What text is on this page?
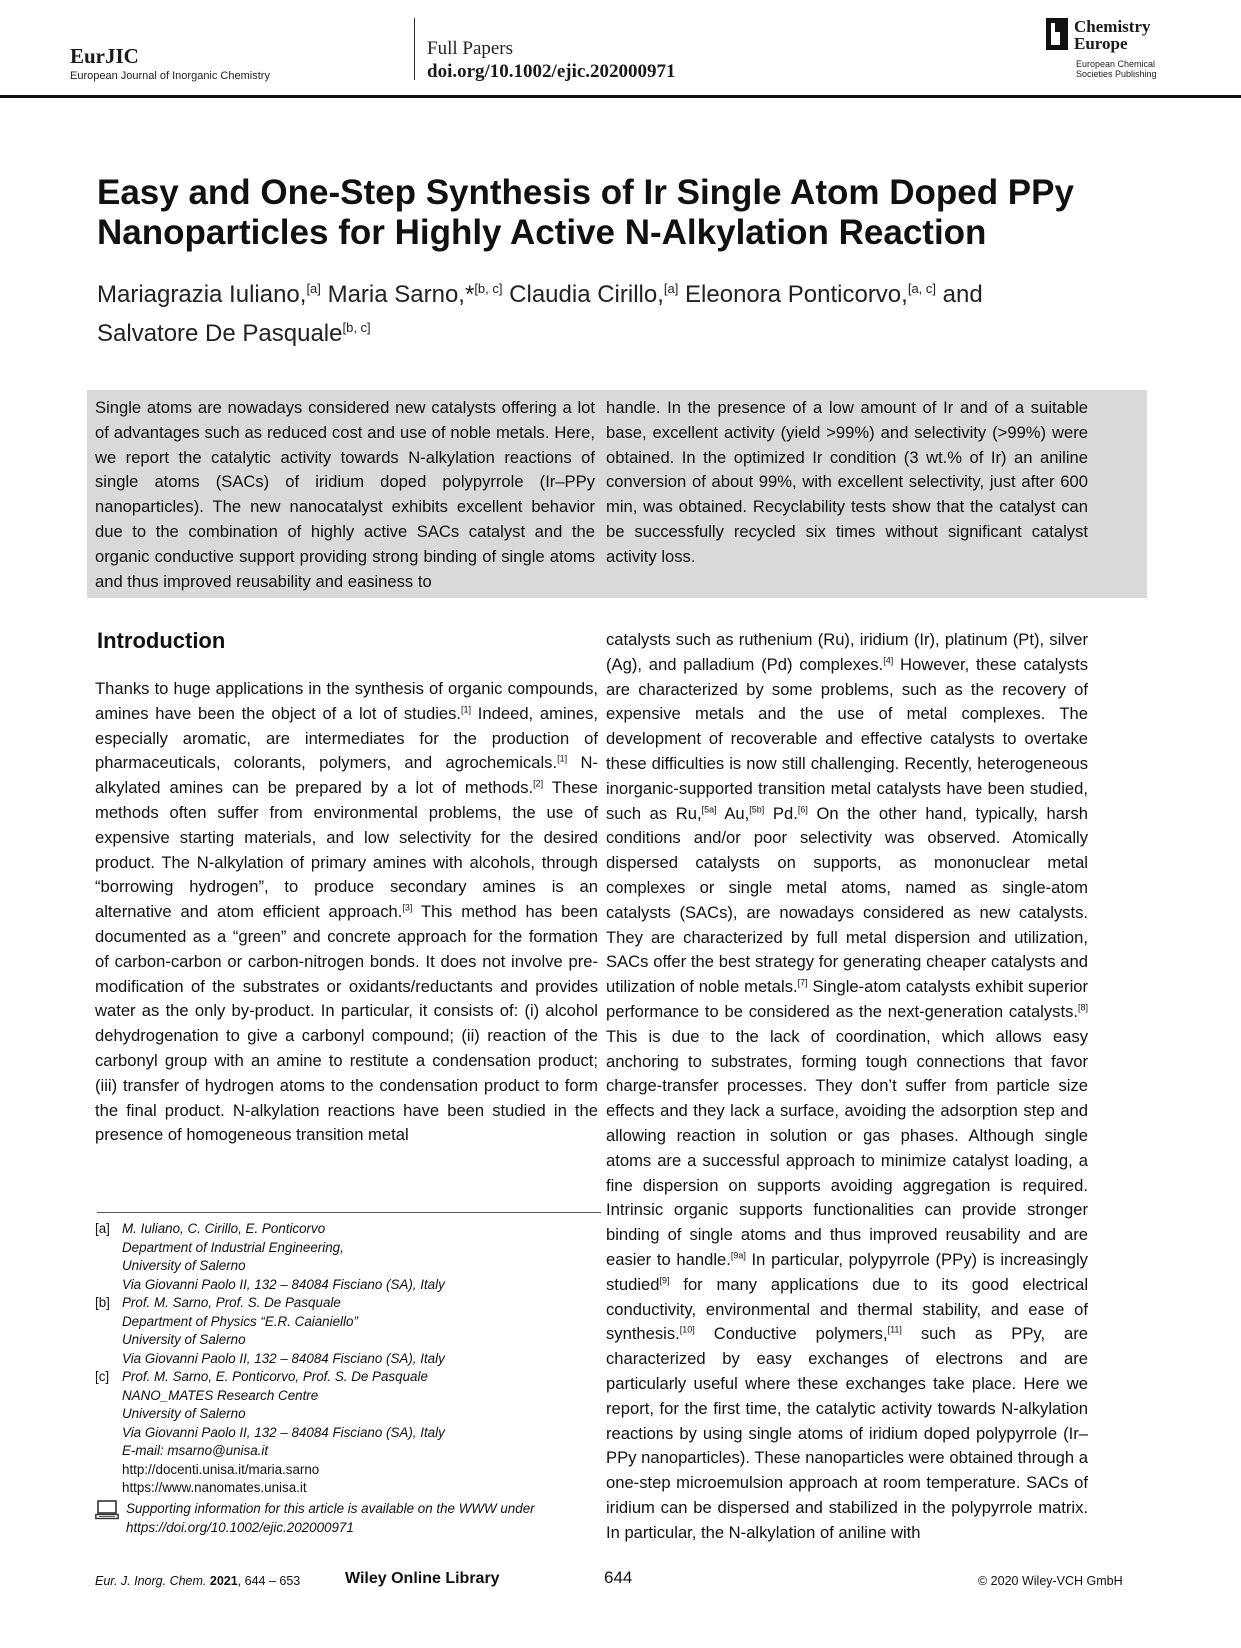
EurJIC
European Journal of Inorganic Chemistry
Full Papers
doi.org/10.1002/ejic.202000971
Chemistry
Europe
European Chemical
Societies Publishing
Easy and One-Step Synthesis of Ir Single Atom Doped PPy
Nanoparticles for Highly Active N-Alkylation Reaction
Mariagrazia Iuliano,[a] Maria Sarno,*[b, c] Claudia Cirillo,[a] Eleonora Ponticorvo,[a, c] and
Salvatore De Pasquale[b, c]
Single atoms are nowadays considered new catalysts offering a lot of advantages such as reduced cost and use of noble metals. Here, we report the catalytic activity towards N-alkylation reactions of single atoms (SACs) of iridium doped polypyrrole (Ir–PPy nanoparticles). The new nanocatalyst exhibits excellent behavior due to the combination of highly active SACs catalyst and the organic conductive support providing strong binding of single atoms and thus improved reusability and easiness to
handle. In the presence of a low amount of Ir and of a suitable base, excellent activity (yield >99%) and selectivity (>99%) were obtained. In the optimized Ir condition (3 wt.% of Ir) an aniline conversion of about 99%, with excellent selectivity, just after 600 min, was obtained. Recyclability tests show that the catalyst can be successfully recycled six times without significant catalyst activity loss.
Introduction
Thanks to huge applications in the synthesis of organic compounds, amines have been the object of a lot of studies.[1] Indeed, amines, especially aromatic, are intermediates for the production of pharmaceuticals, colorants, polymers, and agrochemicals.[1] N-alkylated amines can be prepared by a lot of methods.[2] These methods often suffer from environmental problems, the use of expensive starting materials, and low selectivity for the desired product. The N-alkylation of primary amines with alcohols, through “borrowing hydrogen”, to produce secondary amines is an alternative and atom efficient approach.[3] This method has been documented as a “green” and concrete approach for the formation of carbon-carbon or carbon-nitrogen bonds. It does not involve pre-modification of the substrates or oxidants/reductants and provides water as the only by-product. In particular, it consists of: (i) alcohol dehydrogenation to give a carbonyl compound; (ii) reaction of the carbonyl group with an amine to restitute a condensation product; (iii) transfer of hydrogen atoms to the condensation product to form the final product. N-alkylation reactions have been studied in the presence of homogeneous transition metal
catalysts such as ruthenium (Ru), iridium (Ir), platinum (Pt), silver (Ag), and palladium (Pd) complexes.[4] However, these catalysts are characterized by some problems, such as the recovery of expensive metals and the use of metal complexes. The development of recoverable and effective catalysts to overtake these difficulties is now still challenging. Recently, heterogeneous inorganic-supported transition metal catalysts have been studied, such as Ru,[5a] Au,[5b] Pd.[6] On the other hand, typically, harsh conditions and/or poor selectivity was observed. Atomically dispersed catalysts on supports, as mononuclear metal complexes or single metal atoms, named as single-atom catalysts (SACs), are nowadays considered as new catalysts. They are characterized by full metal dispersion and utilization, SACs offer the best strategy for generating cheaper catalysts and utilization of noble metals.[7] Single-atom catalysts exhibit superior performance to be considered as the next-generation catalysts.[8] This is due to the lack of coordination, which allows easy anchoring to substrates, forming tough connections that favor charge-transfer processes. They don’t suffer from particle size effects and they lack a surface, avoiding the adsorption step and allowing reaction in solution or gas phases. Although single atoms are a successful approach to minimize catalyst loading, a fine dispersion on supports avoiding aggregation is required. Intrinsic organic supports functionalities can provide stronger binding of single atoms and thus improved reusability and are easier to handle.[9a] In particular, polypyrrole (PPy) is increasingly studied[9] for many applications due to its good electrical conductivity, environmental and thermal stability, and ease of synthesis.[10] Conductive polymers,[11] such as PPy, are characterized by easy exchanges of electrons and are particularly useful where these exchanges take place. Here we report, for the first time, the catalytic activity towards N-alkylation reactions by using single atoms of iridium doped polypyrrole (Ir–PPy nanoparticles). These nanoparticles were obtained through a one-step microemulsion approach at room temperature. SACs of iridium can be dispersed and stabilized in the polypyrrole matrix. In particular, the N-alkylation of aniline with
[a] M. Iuliano, C. Cirillo, E. Ponticorvo
Department of Industrial Engineering,
University of Salerno
Via Giovanni Paolo II, 132 – 84084 Fisciano (SA), Italy
[b] Prof. M. Sarno, Prof. S. De Pasquale
Department of Physics “E.R. Caianiello”
University of Salerno
Via Giovanni Paolo II, 132 – 84084 Fisciano (SA), Italy
[c] Prof. M. Sarno, E. Ponticorvo, Prof. S. De Pasquale
NANO_MATES Research Centre
University of Salerno
Via Giovanni Paolo II, 132 – 84084 Fisciano (SA), Italy
E-mail: msarno@unisa.it
http://docenti.unisa.it/maria.sarno
https://www.nanomates.unisa.it
Supporting information for this article is available on the WWW under
https://doi.org/10.1002/ejic.202000971
Eur. J. Inorg. Chem. 2021, 644 – 653	Wiley Online Library	644	© 2020 Wiley-VCH GmbH
